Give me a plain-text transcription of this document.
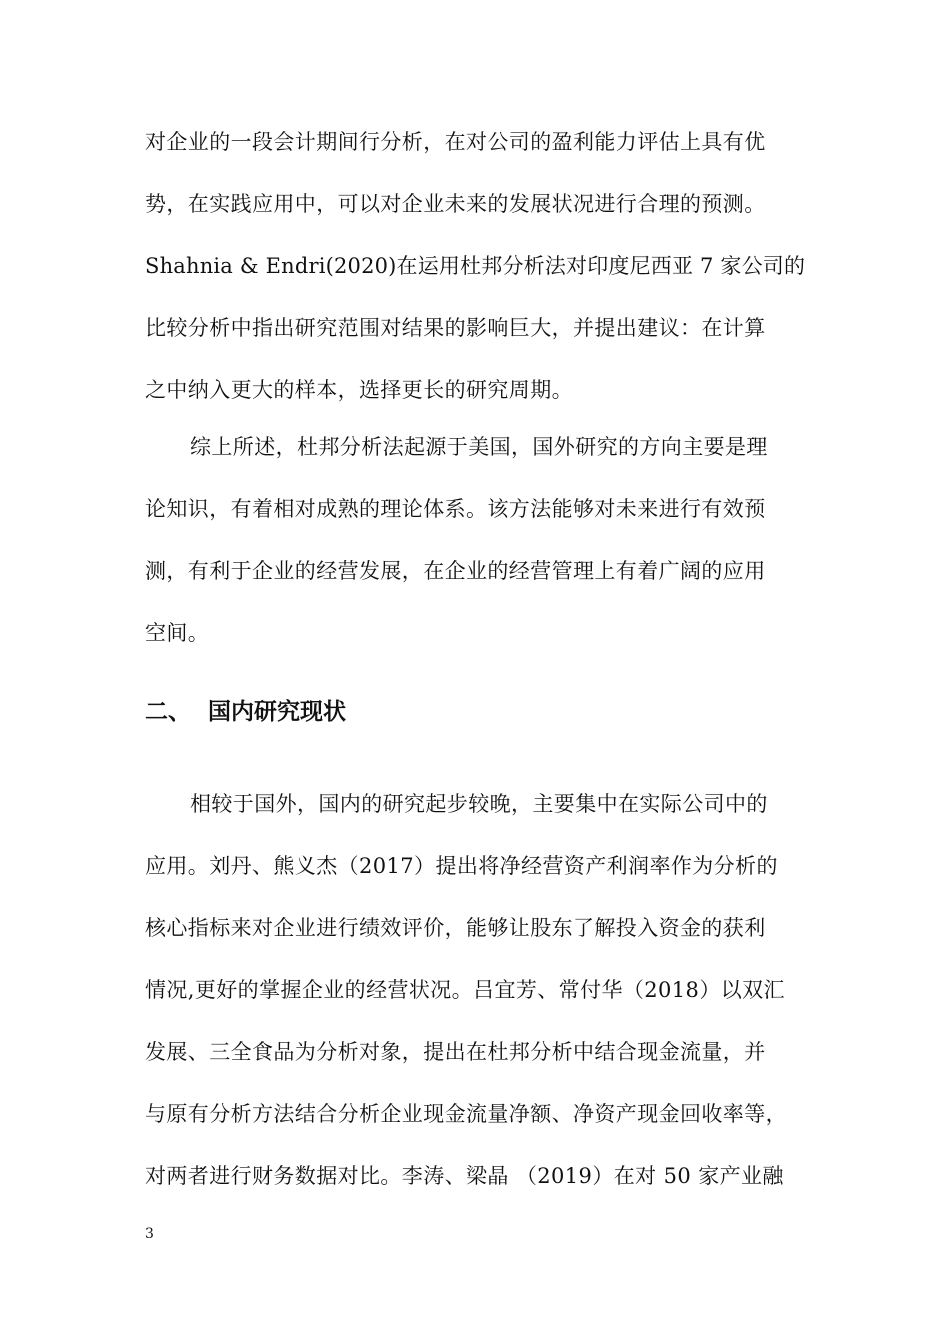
对企业的一段会计期间行分析，在对公司的盈利能力评估上具有优
势，在实践应用中，可以对企业未来的发展状况进行合理的预测。
Shahnia & Endri(2020)在运用杜邦分析法对印度尼西亚 7 家公司的
比较分析中指出研究范围对结果的影响巨大，并提出建议：在计算
之中纳入更大的样本，选择更长的研究周期。
综上所述，杜邦分析法起源于美国，国外研究的方向主要是理
论知识，有着相对成熟的理论体系。该方法能够对未来进行有效预
测，有利于企业的经营发展，在企业的经营管理上有着广阔的应用
空间。
二、 国内研究现状
相较于国外，国内的研究起步较晚，主要集中在实际公司中的
应用。刘丹、熊义杰（2017）提出将净经营资产利润率作为分析的
核心指标来对企业进行绩效评价，能够让股东了解投入资金的获利
情况,更好的掌握企业的经营状况。吕宜芳、常付华（2018）以双汇
发展、三全食品为分析对象，提出在杜邦分析中结合现金流量，并
与原有分析方法结合分析企业现金流量净额、净资产现金回收率等，
对两者进行财务数据对比。李涛、梁晶 （2019）在对 50 家产业融
3
